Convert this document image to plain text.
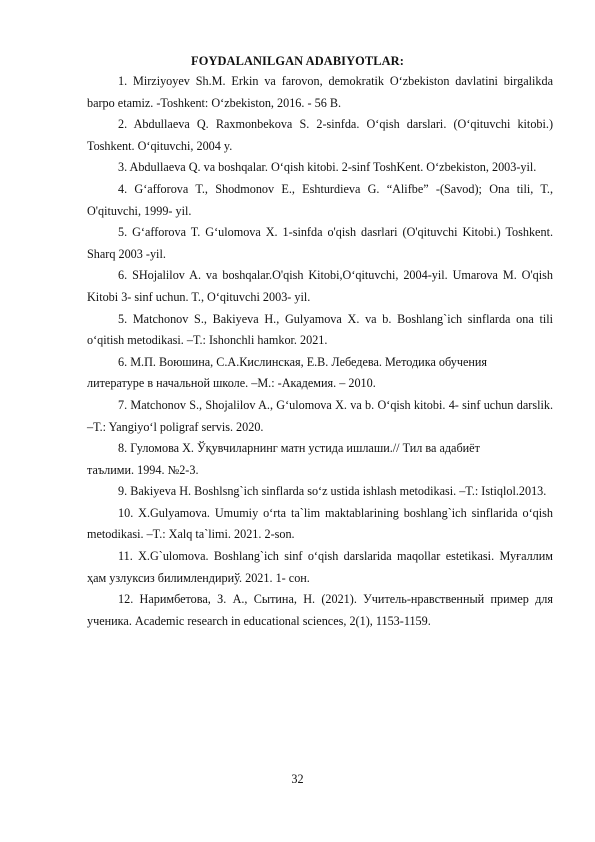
FOYDALANILGAN ADABIYOTLAR:

1. Mirziyoyev Sh.M. Erkin va farovon, demokratik O‘zbekiston davlatini birgalikda barpo etamiz. -Toshkent: O‘zbekiston, 2016. - 56 B.

2. Abdullaeva Q. Raxmonbekova S. 2-sinfda. O‘qish darslari. (O‘qituvchi kitobi.) Toshkent. O‘qituvchi, 2004 y.

3. Abdullaeva Q. va boshqalar. O‘qish kitobi. 2-sinf ToshKent. O‘zbekiston, 2003-yil.

4. G‘afforova T., Shodmonov E., Eshturdieva G. “Alifbe” -(Savod); Ona tili, T., O'qituvchi, 1999- yil.

5. G‘afforova T. G‘ulomova X. 1-sinfda o'qish dasrlari (O'qituvchi Kitobi.) Toshkent. Sharq 2003 -yil.

6. SHojalilov A. va boshqalar.O'qish Kitobi,O‘qituvchi, 2004-yil. Umarova M. O'qish Kitobi 3- sinf uchun. T., O‘qituvchi 2003- yil.

5. Matchonov S., Bakiyeva H., Gulyamova X. va b. Boshlang`ich sinflarda ona tili o‘qitish metodikasi. –T.: Ishonchli hamkor. 2021.

6. М.П. Воюшина, С.А.Кислинская, Е.В. Лебедева. Методика обучения литературе в начальной школе. –М.: -Академия. – 2010.

7. Matchonov S., Shojalilov A., G‘ulomova X. va b. O‘qish kitobi. 4- sinf uchun darslik. –T.: Yangiyo‘l poligraf servis. 2020.

8. Гуломова Х. Ўқувчиларнинг матн устида ишлаши.// Тил ва адабиёт таълими. 1994. №2-3.

9. Bakiyeva H. Boshlsng`ich sinflarda so‘z ustida ishlash metodikasi. –T.: Istiqlol.2013.

10. X.Gulyamova. Umumiy o‘rta ta`lim maktablarining boshlang`ich sinflarida o‘qish metodikasi. –T.: Xalq ta`limi. 2021. 2-son.

11. X.G`ulomova. Boshlang`ich sinf o‘qish darslarida maqollar estetikasi. Муғаллим ҳам узлуксиз билимлендириў. 2021. 1- сон.

12. Наримбетова, З. А., Сытина, Н. (2021). Учитель-нравственный пример для ученика. Academic research in educational sciences, 2(1), 1153-1159.

32
